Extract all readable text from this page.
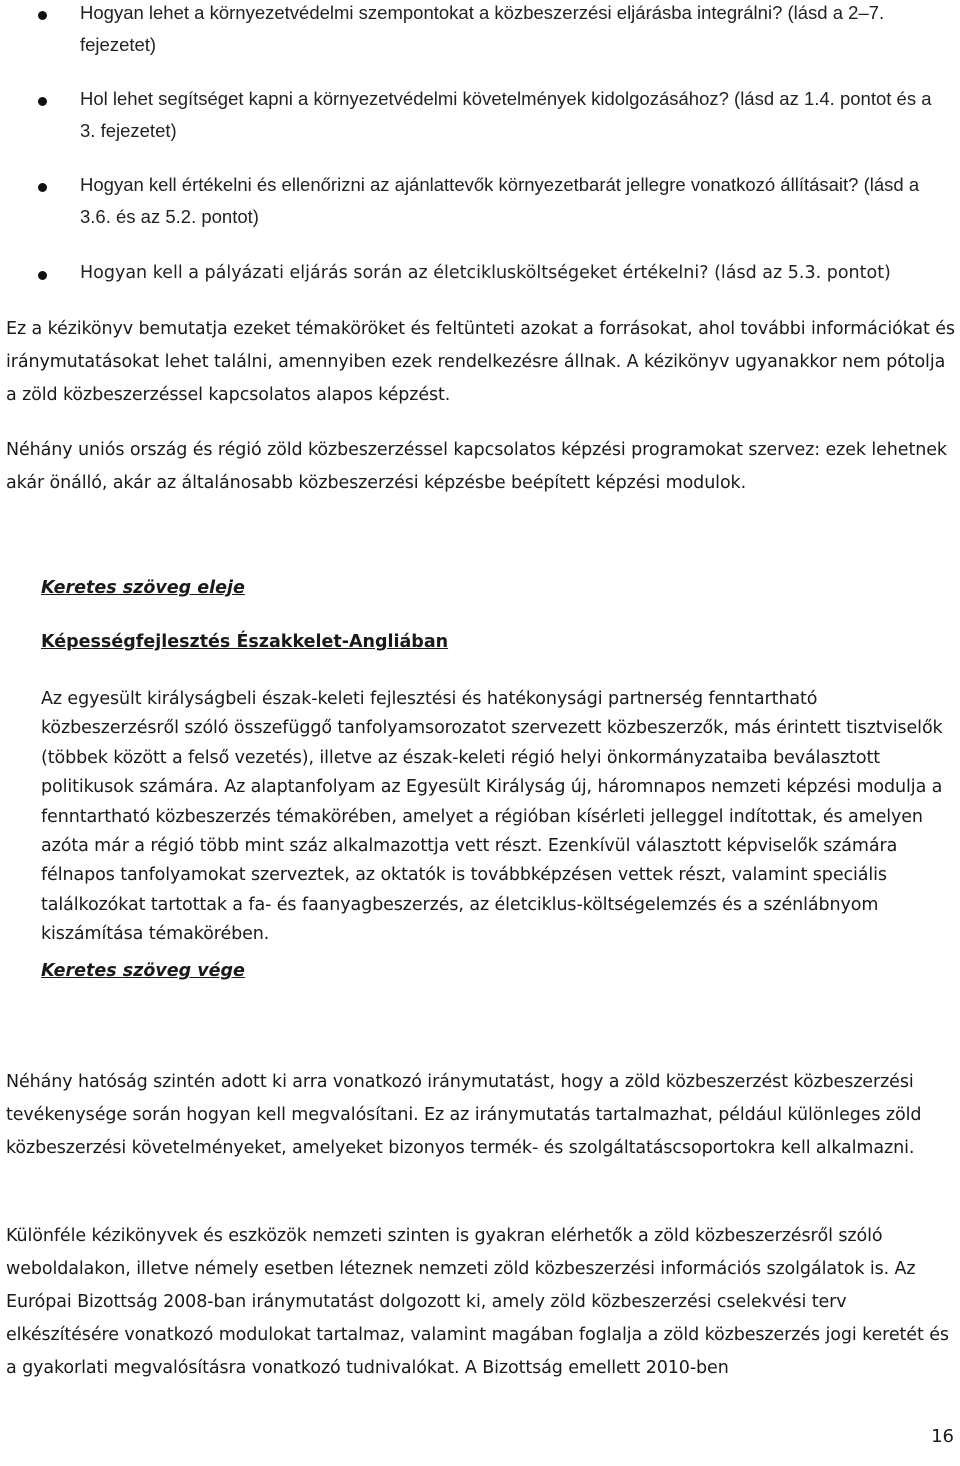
Hogyan lehet a környezetvédelmi szempontokat a közbeszerzési eljárásba integrálni? (lásd a 2–7. fejezetet)
Hol lehet segítséget kapni a környezetvédelmi követelmények kidolgozásához? (lásd az 1.4. pontot és a 3. fejezetet)
Hogyan kell értékelni és ellenőrizni az ajánlattevők környezetbarát jellegre vonatkozó állításait? (lásd a 3.6. és az 5.2. pontot)
Hogyan kell a pályázati eljárás során az életciklusköltségeket értékelni? (lásd az 5.3. pontot)

Ez a kézikönyv bemutatja ezeket témaköröket és feltünteti azokat a forrásokat, ahol további információkat és iránymutatásokat lehet találni, amennyiben ezek rendelkezésre állnak. A kézikönyv ugyanakkor nem pótolja a zöld közbeszerzéssel kapcsolatos alapos képzést.

Néhány uniós ország és régió zöld közbeszerzéssel kapcsolatos képzési programokat szervez: ezek lehetnek akár önálló, akár az általánosabb közbeszerzési képzésbe beépített képzési modulok.

Keretes szöveg eleje

Képességfejlesztés Északkelet-Angliában

Az egyesült királyságbeli észak-keleti fejlesztési és hatékonysági partnerség fenntartható közbeszerzésről szóló összefüggő tanfolyamsorozatot szervezett közbeszerzők, más érintett tisztviselők (többek között a felső vezetés), illetve az észak-keleti régió helyi önkormányzataiba beválasztott politikusok számára. Az alaptanfolyam az Egyesült Királyság új, háromnapos nemzeti képzési modulja a fenntartható közbeszerzés témakörében, amelyet a régióban kísérleti jelleggel indítottak, és amelyen azóta már a régió több mint száz alkalmazottja vett részt. Ezenkívül választott képviselők számára félnapos tanfolyamokat szerveztek, az oktatók is továbbképzésen vettek részt, valamint speciális találkozókat tartottak a fa- és faanyagbeszerzés, az életciklus-költségelemzés és a szénlábnyom kiszámítása témakörében.

Keretes szöveg vége

Néhány hatóság szintén adott ki arra vonatkozó iránymutatást, hogy a zöld közbeszerzést közbeszerzési tevékenysége során hogyan kell megvalósítani. Ez az iránymutatás tartalmazhat, például különleges zöld közbeszerzési követelményeket, amelyeket bizonyos termék- és szolgáltatáscsoportokra kell alkalmazni.

Különféle kézikönyvek és eszközök nemzeti szinten is gyakran elérhetők a zöld közbeszerzésről szóló weboldalakon, illetve némely esetben léteznek nemzeti zöld közbeszerzési információs szolgálatok is. Az Európai Bizottság 2008-ban iránymutatást dolgozott ki, amely zöld közbeszerzési cselekvési terv elkészítésére vonatkozó modulokat tartalmaz, valamint magában foglalja a zöld közbeszerzés jogi keretét és a gyakorlati megvalósításra vonatkozó tudnivalókat. A Bizottság emellett 2010-ben

16
